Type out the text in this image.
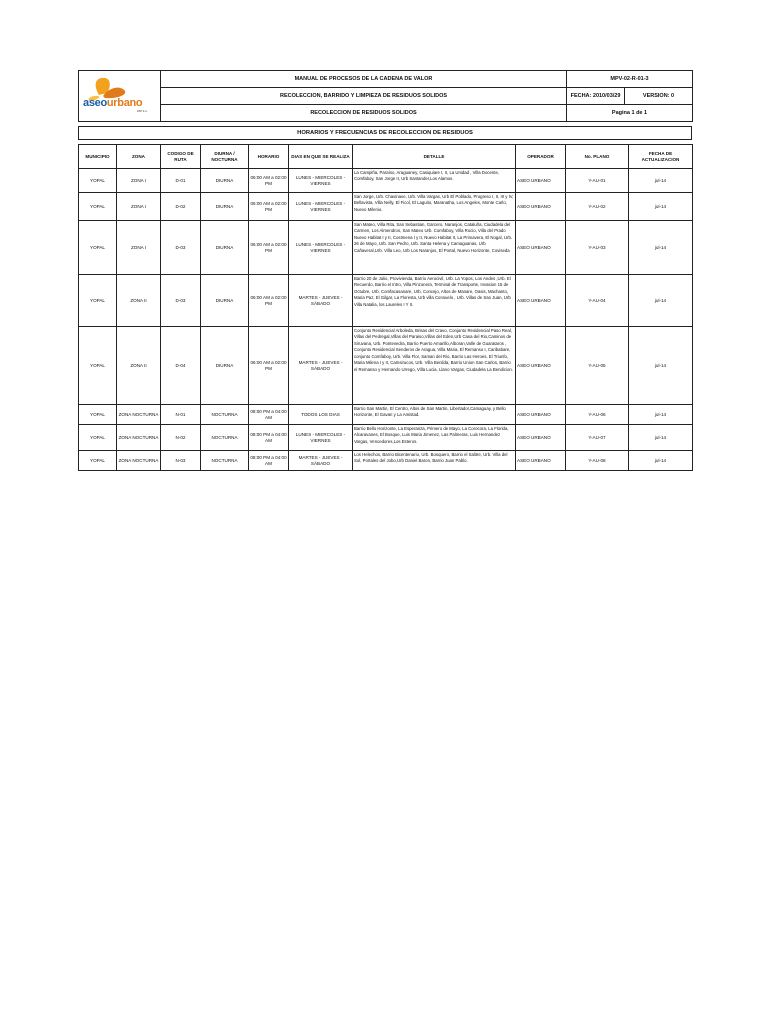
aseourbano
ESP S.A.	MANUAL DE PROCESOS DE LA CADENA DE VALOR	MPV-02-R-01-3	
	RECOLECCION, BARRIDO Y LIMPIEZA DE RESIDUOS SOLIDOS	FECHA: 2010/03/29	VERSION: 0
	RECOLECCION DE RESIDUOS SOLIDOS	Pagina 1 de 1	
HORARIOS Y FRECUENCIAS DE RECOLECCION DE RESIDUOS
MUNICIPIO	ZONA	CODIGO DE RUTA	DIURNA / NOCTURNA	HORARIO	DIAS EN QUE SE REALIZA	DETALLE	OPERADOR	No. PLANO	FECHA DE ACTUALIZACION
YOPAL	ZONA I	D-01	DIURNA	06:00 AM a 02:00 PM	LUNES - MIERCOLES - VIERNES	La Campiña, Paraíso, Araguaney, Casiquiare I, II, La Unidad , Villa Docente, Comfaboy, San Jorge II, Urb Santander,Los Alamos.	ASEO URBANO	Y-AU-01	jul-14
YOPAL	ZONA I	D-02	DIURNA	06:00 AM a 02:00 PM	LUNES - MIERCOLES - VIERNES	San Jorge, Urb. Chavinave, Urb. Villa Vargas, Urb El Poblado, Progreso I, II, III y IV, Bellavista, Villa Nelly, El Ficol, El Laguito, Maranatha, Los Angeles, Monte Carlo, Nuevo Milenio.	ASEO URBANO	Y-AU-02	jul-14
YOPAL	ZONA I	D-03	DIURNA	06:00 AM a 02:00 PM	LUNES - MIERCOLES - VIERNES	San Mateo, Villa Rita, San Sebastian, Garcero, Naranjos, Cataluña, Ciudadela del Carmen, Los Almendros, San Mateo Urb. Comfaboy, Villa Rocio, Villa del Prado Nuevo Habitat I y II, Costmena I y II, Nuevo Habitat II, La Primavera, El Nogal, Urb. 26 de Mayo, Urb. San Pedro, Urb. Santa Helena y Camaguanas, Urb Cañaveral,Urb. Villa Leo, Urb Los Naranjos, El Portal, Nuevo Horizonte, Coviseda	ASEO URBANO	Y-AU-03	jul-14
YOPAL	ZONA II	D-03	DIURNA	06:00 AM a 02:00 PM	MARTES - JUEVES - SÁBADO	Barrio 20 de Julio, Provivienda, Barrio Aerocivil, Urb. La Yopos, Los Andes ,Urb. El Recuerdo, Barrio el Intro, Villa Pinzonera, Terminal de Transporte, Invasion 15 de Octubre, Urb. Comfacasanare, Urb. Concejo, Altos de Manare, Oasis, Machanto, Maria Paz, El Gilgar, La Floresta, Urb villa Consuelo , Urb. Villas de San Juan, Urb Villa Natalia, los Laureles I Y II.	ASEO URBANO	Y-AU-04	jul-14
YOPAL	ZONA II	D-04	DIURNA	06:00 AM a 02:00 PM	MARTES - JUEVES - SÁBADO	Conjunto Residencial Arboleda, Brisas del Cravo, Conjunto Residencial Paso Real, Villas del Pedregal,Villas del Paraiso,Villas del Eden,Urb Casa del Rio,Caminos de Siruvana, Urb. Pontevedra, Barrio Puerto Amarillo,Alboran,Valle de Guarataros , Conjunto Residencial Senderos de Aragua, Villa Maria, El Remanso I, Caribabare, conjunto Comfaboy, Urb. Villa Flor, Saman del Rio, Barrio Las Heroes, El Triunfo, Maria Milena I y II, Camsirucos, Urb. Villa Benilda, Barrio Union San Carlos, Barrio el Remanso y Hernando Urrego, Villa Lucia, Llano Vargas, Ciudadela La Bendicion.	ASEO URBANO	Y-AU-05	jul-14
YOPAL	ZONA NOCTURNA	N-01	NOCTURNA	08:00 PM a 04:00 AM	TODOS LOS DIAS	Barrio San Martin, El Centro, Altos de San Martin, Libertador,Camaguay, y Bello Horizonte, El Gavan y La Amistad.	ASEO URBANO	Y-AU-06	jul-14
YOPAL	ZONA NOCTURNA	N-02	NOCTURNA	08:00 PM a 04:00 AM	LUNES - MIERCOLES - VIERNES	Barrio Bello Horizonte, La Esperanza, Primero de Mayo, La Corocora, La Florida, Alcaravanes, El Bosque, Luis Maria Jimenez, Las Palmeras, Luis Hernandez Vargas, Vencedores,Los Esteros.	ASEO URBANO	Y-AU-07	jul-14
YOPAL	ZONA NOCTURNA	N-03	NOCTURNA	08:00 PM a 04:00 AM	MARTES - JUEVES - SÁBADO	Los Helechos, Barrio Bicentenario, Urb. Bosquero, Barrio el Salitre, Urb. Villa del Sol, Portales del Jobo,Urb Daniel Baron, Barrio Juan Pablo.	ASEO URBANO	Y-AU-08	jul-14
